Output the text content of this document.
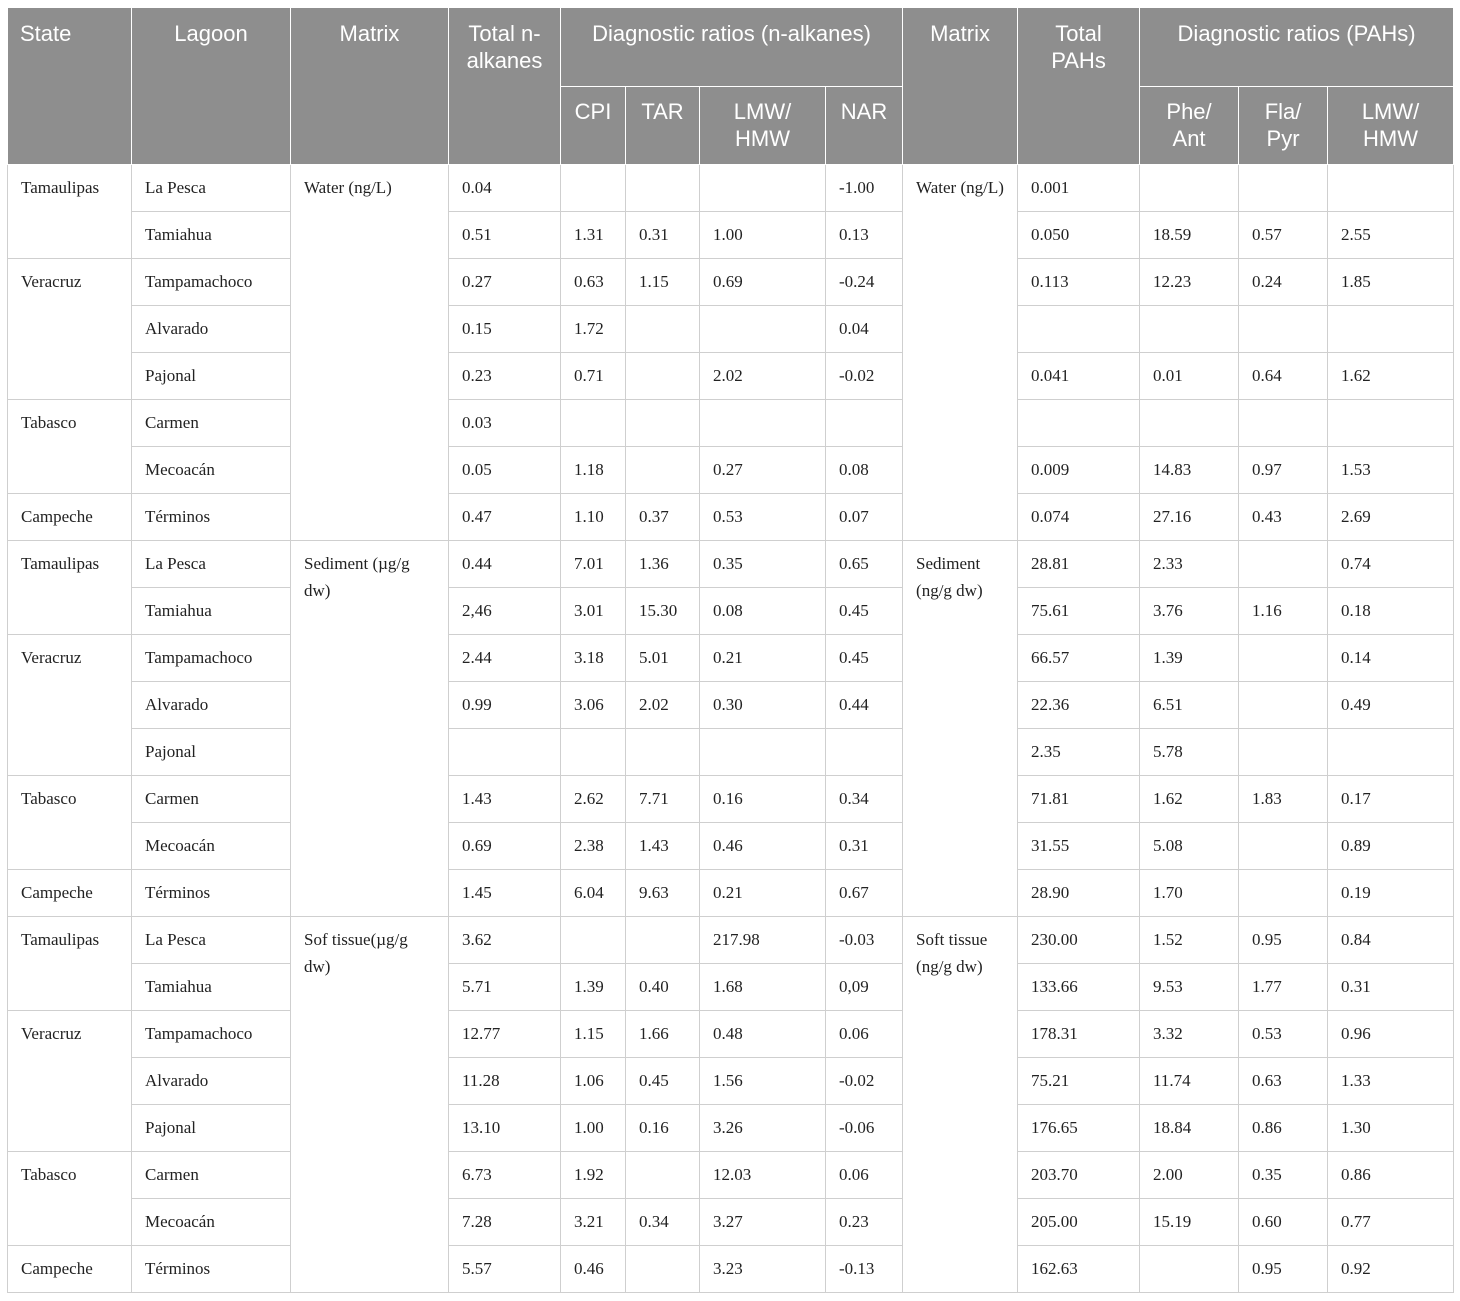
State	Lagoon	Matrix	Total n-alkanes	Diagnostic ratios (n-alkanes)				Matrix	Total PAHs	Diagnostic ratios (PAHs)		
				CPI	TAR	LMW/ HMW	NAR			Phe/ Ant	Fla/ Pyr	LMW/ HMW
Tamaulipas	La Pesca	Water (ng/L)	0.04				-1.00	Water (ng/L)	0.001			
	Tamiahua		0.51	1.31	0.31	1.00	0.13		0.050	18.59	0.57	2.55
Veracruz	Tampamachoco		0.27	0.63	1.15	0.69	-0.24		0.113	12.23	0.24	1.85
	Alvarado		0.15	1.72			0.04					
	Pajonal		0.23	0.71		2.02	-0.02		0.041	0.01	0.64	1.62
Tabasco	Carmen		0.03									
	Mecoacán		0.05	1.18		0.27	0.08		0.009	14.83	0.97	1.53
Campeche	Términos		0.47	1.10	0.37	0.53	0.07		0.074	27.16	0.43	2.69
Tamaulipas	La Pesca	Sediment (µg/g dw)	0.44	7.01	1.36	0.35	0.65	Sediment (ng/g dw)	28.81	2.33		0.74
	Tamiahua		2,46	3.01	15.30	0.08	0.45		75.61	3.76	1.16	0.18
Veracruz	Tampamachoco		2.44	3.18	5.01	0.21	0.45		66.57	1.39		0.14
	Alvarado		0.99	3.06	2.02	0.30	0.44		22.36	6.51		0.49
	Pajonal								2.35	5.78		
Tabasco	Carmen		1.43	2.62	7.71	0.16	0.34		71.81	1.62	1.83	0.17
	Mecoacán		0.69	2.38	1.43	0.46	0.31		31.55	5.08		0.89
Campeche	Términos		1.45	6.04	9.63	0.21	0.67		28.90	1.70		0.19
Tamaulipas	La Pesca	Sof tissue(µg/g dw)	3.62			217.98	-0.03	Soft tissue (ng/g dw)	230.00	1.52	0.95	0.84
	Tamiahua		5.71	1.39	0.40	1.68	0,09		133.66	9.53	1.77	0.31
Veracruz	Tampamachoco		12.77	1.15	1.66	0.48	0.06		178.31	3.32	0.53	0.96
	Alvarado		11.28	1.06	0.45	1.56	-0.02		75.21	11.74	0.63	1.33
	Pajonal		13.10	1.00	0.16	3.26	-0.06		176.65	18.84	0.86	1.30
Tabasco	Carmen		6.73	1.92		12.03	0.06		203.70	2.00	0.35	0.86
	Mecoacán		7.28	3.21	0.34	3.27	0.23		205.00	15.19	0.60	0.77
Campeche	Términos		5.57	0.46		3.23	-0.13		162.63		0.95	0.92
